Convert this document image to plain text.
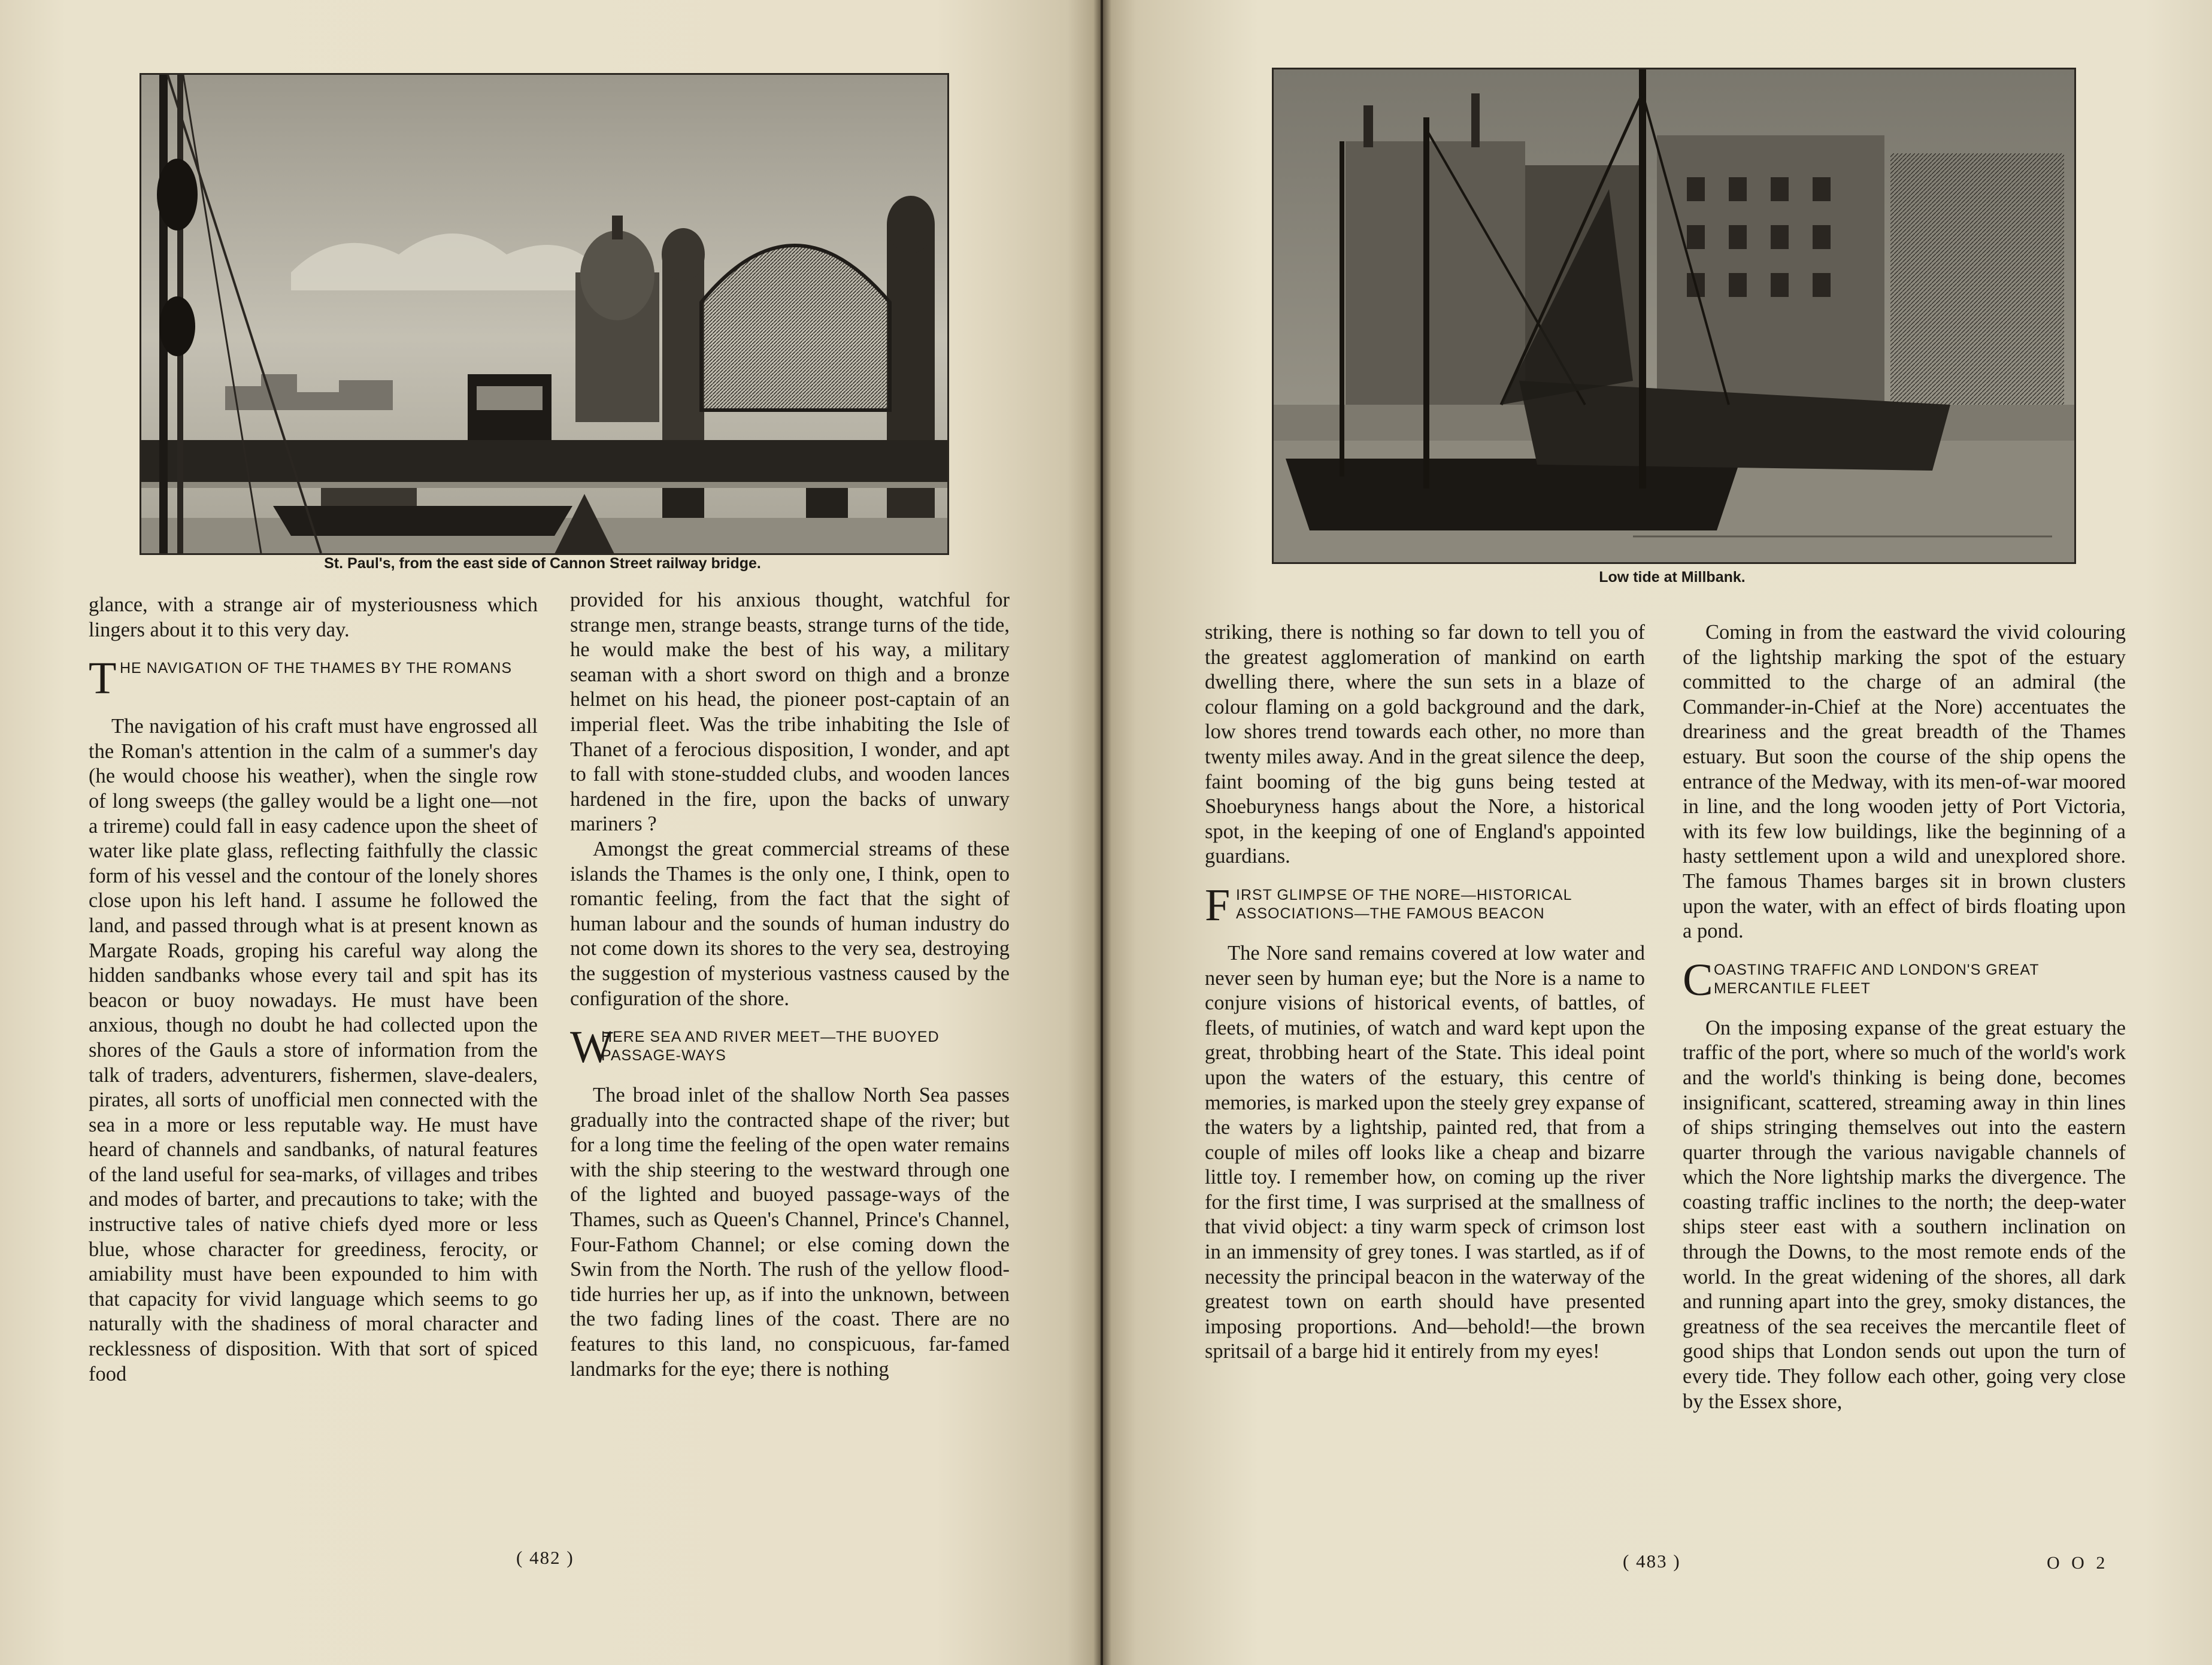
St. Paul's, from the east side of Cannon Street railway bridge.

glance, with a strange air of mysteriousness which lingers about it to this very day.

T HE NAVIGATION OF THE THAMES BY THE ROMANS

The navigation of his craft must have engrossed all the Roman's attention in the calm of a summer's day (he would choose his weather), when the single row of long sweeps (the galley would be a light one—not a trireme) could fall in easy cadence upon the sheet of water like plate glass, reflecting faithfully the classic form of his vessel and the contour of the lonely shores close upon his left hand. I assume he followed the land, and passed through what is at present known as Margate Roads, groping his careful way along the hidden sandbanks whose every tail and spit has its beacon or buoy nowadays. He must have been anxious, though no doubt he had collected upon the shores of the Gauls a store of information from the talk of traders, adventurers, fishermen, slave-dealers, pirates, all sorts of unofficial men connected with the sea in a more or less reputable way. He must have heard of channels and sandbanks, of natural features of the land useful for sea-marks, of villages and tribes and modes of barter, and precautions to take; with the instructive tales of native chiefs dyed more or less blue, whose character for greediness, ferocity, or amiability must have been expounded to him with that capacity for vivid language which seems to go naturally with the shadiness of moral character and recklessness of disposition. With that sort of spiced food

provided for his anxious thought, watchful for strange men, strange beasts, strange turns of the tide, he would make the best of his way, a military seaman with a short sword on thigh and a bronze helmet on his head, the pioneer post-captain of an imperial fleet. Was the tribe inhabiting the Isle of Thanet of a ferocious disposition, I wonder, and apt to fall with stone-studded clubs, and wooden lances hardened in the fire, upon the backs of unwary mariners ?

Amongst the great commercial streams of these islands the Thames is the only one, I think, open to romantic feeling, from the fact that the sight of human labour and the sounds of human industry do not come down its shores to the very sea, destroying the suggestion of mysterious vastness caused by the configuration of the shore.

W
HERE SEA AND RIVER MEET—THE BUOYED PASSAGE-WAYS

The broad inlet of the shallow North Sea passes gradually into the contracted shape of the river; but for a long time the feeling of the open water remains with the ship steering to the westward through one of the lighted and buoyed passage-ways of the Thames, such as Queen's Channel, Prince's Channel, Four-Fathom Channel; or else coming down the Swin from the North. The rush of the yellow flood-tide hurries her up, as if into the unknown, between the two fading lines of the coast. There are no features to this land, no conspicuous, far-famed landmarks for the eye; there is nothing

( 482 )
Low tide at Millbank.

striking, there is nothing so far down to tell you of the greatest agglomeration of mankind on earth dwelling there, where the sun sets in a blaze of colour flaming on a gold background and the dark, low shores trend towards each other, no more than twenty miles away. And in the great silence the deep, faint booming of the big guns being tested at Shoeburyness hangs about the Nore, a historical spot, in the keeping of one of England's appointed guardians.

F IRST GLIMPSE OF THE NORE—HISTORICAL ASSOCIATIONS—THE FAMOUS BEACON

The Nore sand remains covered at low water and never seen by human eye; but the Nore is a name to conjure visions of historical events, of battles, of fleets, of mutinies, of watch and ward kept upon the great, throbbing heart of the State. This ideal point upon the waters of the estuary, this centre of memories, is marked upon the steely grey expanse of the waters by a lightship, painted red, that from a couple of miles off looks like a cheap and bizarre little toy. I remember how, on coming up the river for the first time, I was surprised at the smallness of that vivid object: a tiny warm speck of crimson lost in an immensity of grey tones. I was startled, as if of necessity the principal beacon in the waterway of the greatest town on earth should have presented imposing proportions. And—behold!—the brown spritsail of a barge hid it entirely from my eyes!

Coming in from the eastward the vivid colouring of the lightship marking the spot of the estuary committed to the charge of an admiral (the Commander-in-Chief at the Nore) accentuates the dreariness and the great breadth of the Thames estuary. But soon the course of the ship opens the entrance of the Medway, with its men-of-war moored in line, and the long wooden jetty of Port Victoria, with its few low buildings, like the beginning of a hasty settlement upon a wild and unexplored shore. The famous Thames barges sit in brown clusters upon the water, with an effect of birds floating upon a pond.

C OASTING TRAFFIC AND LONDON'S GREAT MERCANTILE FLEET

On the imposing expanse of the great estuary the traffic of the port, where so much of the world's work and the world's thinking is being done, becomes insignificant, scattered, streaming away in thin lines of ships stringing themselves out into the eastern quarter through the various navigable channels of which the Nore lightship marks the divergence. The coasting traffic inclines to the north; the deep-water ships steer east with a southern inclination on through the Downs, to the most remote ends of the world. In the great widening of the shores, all dark and running apart into the grey, smoky distances, the greatness of the sea receives the mercantile fleet of good ships that London sends out upon the turn of every tide. They follow each other, going very close by the Essex shore,

( 483 )	O O 2
